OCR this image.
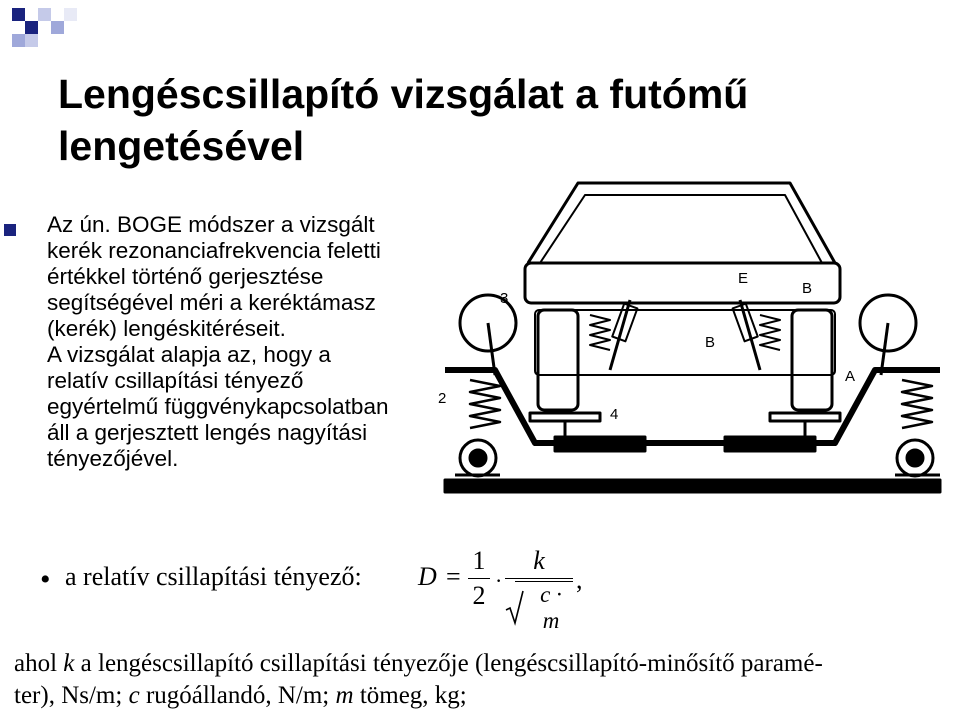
Lengéscsillapító vizsgálat a futómű lengetésével
Az ún. BOGE módszer a vizsgált
kerék rezonanciafrekvencia feletti
értékkel történő gerjesztése
segítségével méri a keréktámasz
(kerék) lengéskitéréseit.
A vizsgálat alapja az, hogy a
relatív csillapítási tényező
egyértelmű függvénykapcsolatban
áll a gerjesztett lengés nagyítási
tényezőjével.
E
B
B
A
3
2
4
• a relatív csillapítási tényező: D =
1
2
· $\frac{k}{c \cdot m}$ ,
ahol k a lengéscsillapító csillapítási tényezője (lengéscsillapító-minősítő paramé-
ter), Ns/m; c rugóállandó, N/m; m tömeg, kg;
